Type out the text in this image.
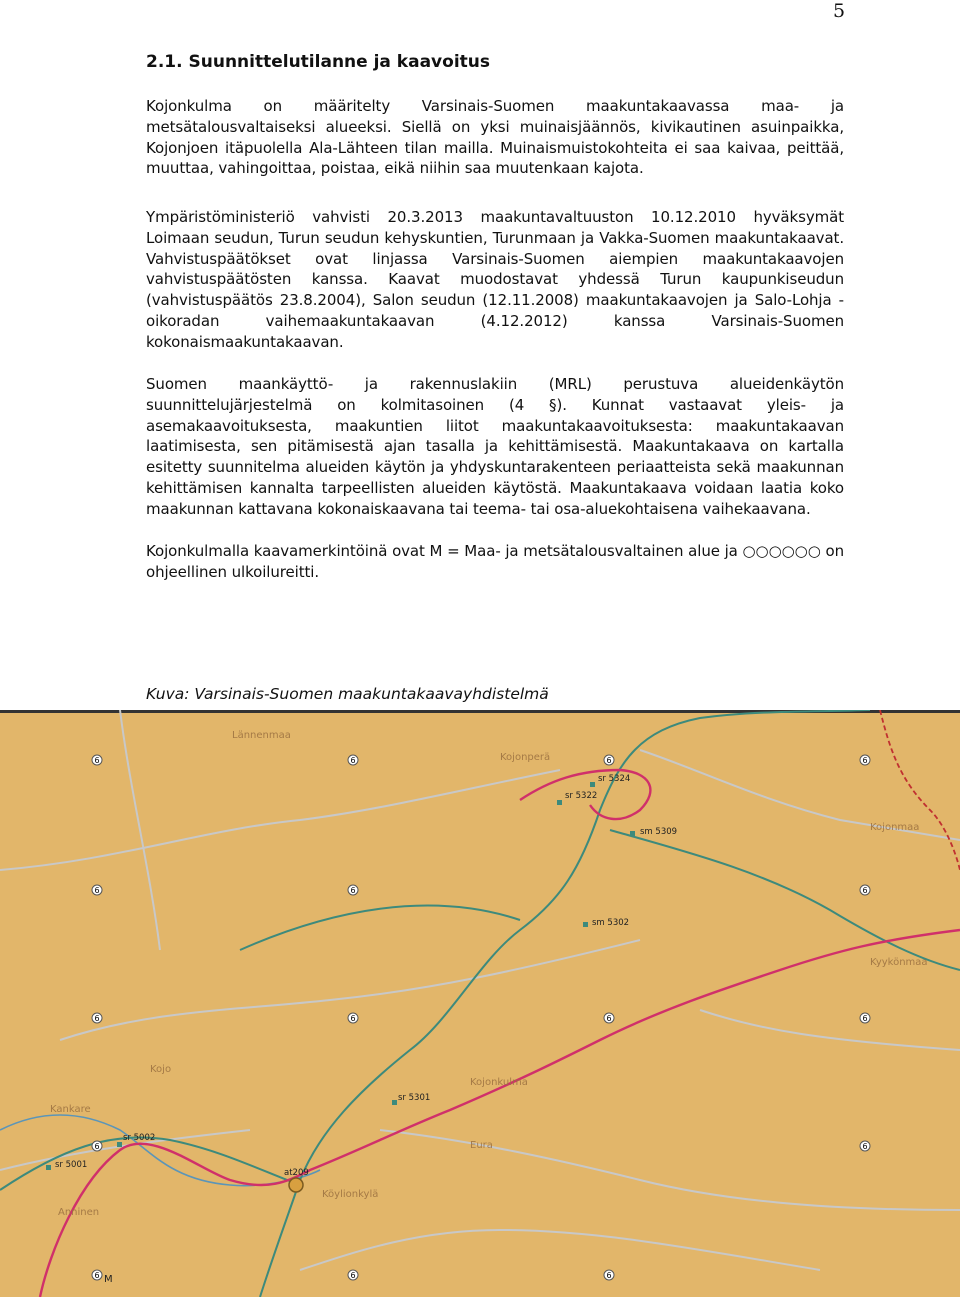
5
2.1. Suunnittelutilanne ja kaavoitus

Kojonkulma on määritelty Varsinais-Suomen maakuntakaavassa maa- ja metsätalousvaltaiseksi alueeksi. Siellä on yksi muinaisjäännös, kivikautinen asuinpaikka, Kojonjoen itäpuolella Ala-Lähteen tilan mailla. Muinaismuistokohteita ei saa kaivaa, peittää, muuttaa, vahingoittaa, poistaa, eikä niihin saa muutenkaan kajota.

Ympäristöministeriö vahvisti 20.3.2013 maakuntavaltuuston 10.12.2010 hyväksymät Loimaan seudun, Turun seudun kehyskuntien, Turunmaan ja Vakka-Suomen maakuntakaavat. Vahvistuspäätökset ovat linjassa Varsinais-Suomen aiempien maakuntakaavojen vahvistuspäätösten kanssa. Kaavat muodostavat yhdessä Turun kaupunkiseudun (vahvistuspäätös 23.8.2004), Salon seudun (12.11.2008) maakuntakaavojen ja Salo-Lohja -oikoradan vaihemaakuntakaavan (4.12.2012) kanssa Varsinais-Suomen kokonaismaakuntakaavan.

Suomen maankäyttö- ja rakennuslakiin (MRL) perustuva alueidenkäytön suunnittelujärjestelmä on kolmitasoinen (4 §). Kunnat vastaavat yleis- ja asemakaavoituksesta, maakuntien liitot maakuntakaavoituksesta: maakuntakaavan laatimisesta, sen pitämisestä ajan tasalla ja kehittämisestä. Maakuntakaava on kartalla esitetty suunnitelma alueiden käytön ja yhdyskuntarakenteen periaatteista sekä maakunnan kehittämisen kannalta tarpeellisten alueiden käytöstä. Maakuntakaava voidaan laatia koko maakunnan kattavana kokonaiskaavana tai teema- tai osa-aluekohtaisena vaihekaavana.

Kojonkulmalla kaavamerkintöinä ovat M = Maa- ja metsätalousvaltainen alue ja ○○○○○○ on ohjeellinen ulkoilureitti.

Kuva: Varsinais-Suomen maakuntakaavayhdistelmä
6	6	6	6
6	6	6
6	6	6	6
6	6
6	6	6
sr 5324
sr 5322
sm 5309
sm 5302
sr 5301
sr 5002
sr 5001
at209
Kojonperä
Kojonmaa
Kyykönmaa
Kojonkulma
Kojo
Kankare
Eura
Anninen
Köylionkylä
Lännenmaa
M
